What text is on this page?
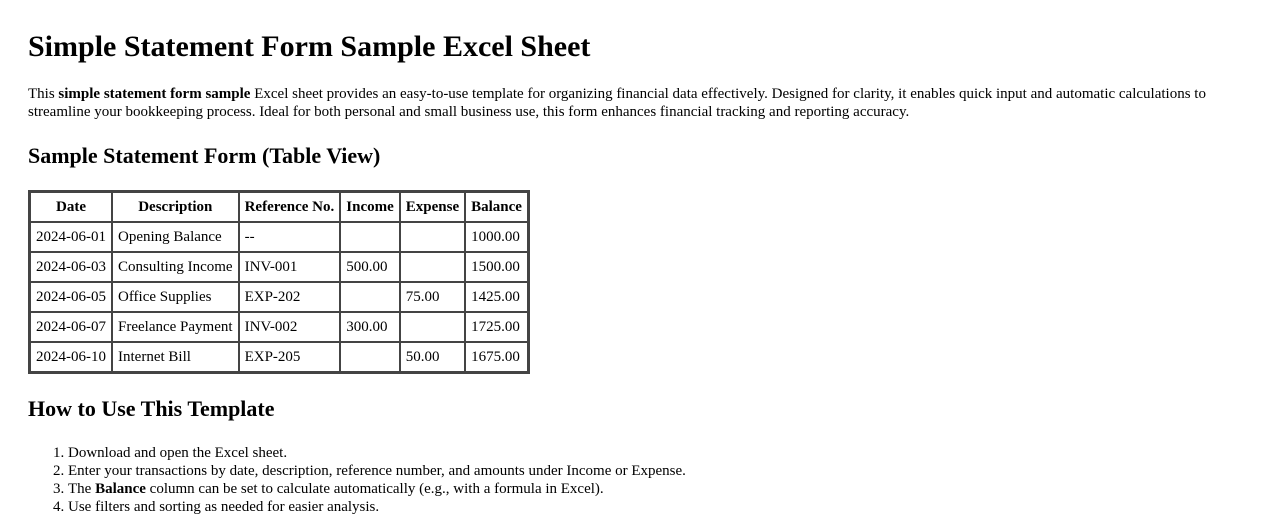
Simple Statement Form Sample Excel Sheet

This simple statement form sample Excel sheet provides an easy-to-use template for organizing financial data effectively. Designed for clarity, it enables quick input and automatic calculations to streamline your bookkeeping process. Ideal for both personal and small business use, this form enhances financial tracking and reporting accuracy.

Sample Statement Form (Table View)
Date	Description	Reference No.	Income	Expense	Balance
2024-06-01	Opening Balance	--			1000.00
2024-06-03	Consulting Income	INV-001	500.00		1500.00
2024-06-05	Office Supplies	EXP-202		75.00	1425.00
2024-06-07	Freelance Payment	INV-002	300.00		1725.00
2024-06-10	Internet Bill	EXP-205		50.00	1675.00
How to Use This Template
1. Download and open the Excel sheet.
2. Enter your transactions by date, description, reference number, and amounts under Income or Expense.
3. The Balance column can be set to calculate automatically (e.g., with a formula in Excel).
4. Use filters and sorting as needed for easier analysis.
